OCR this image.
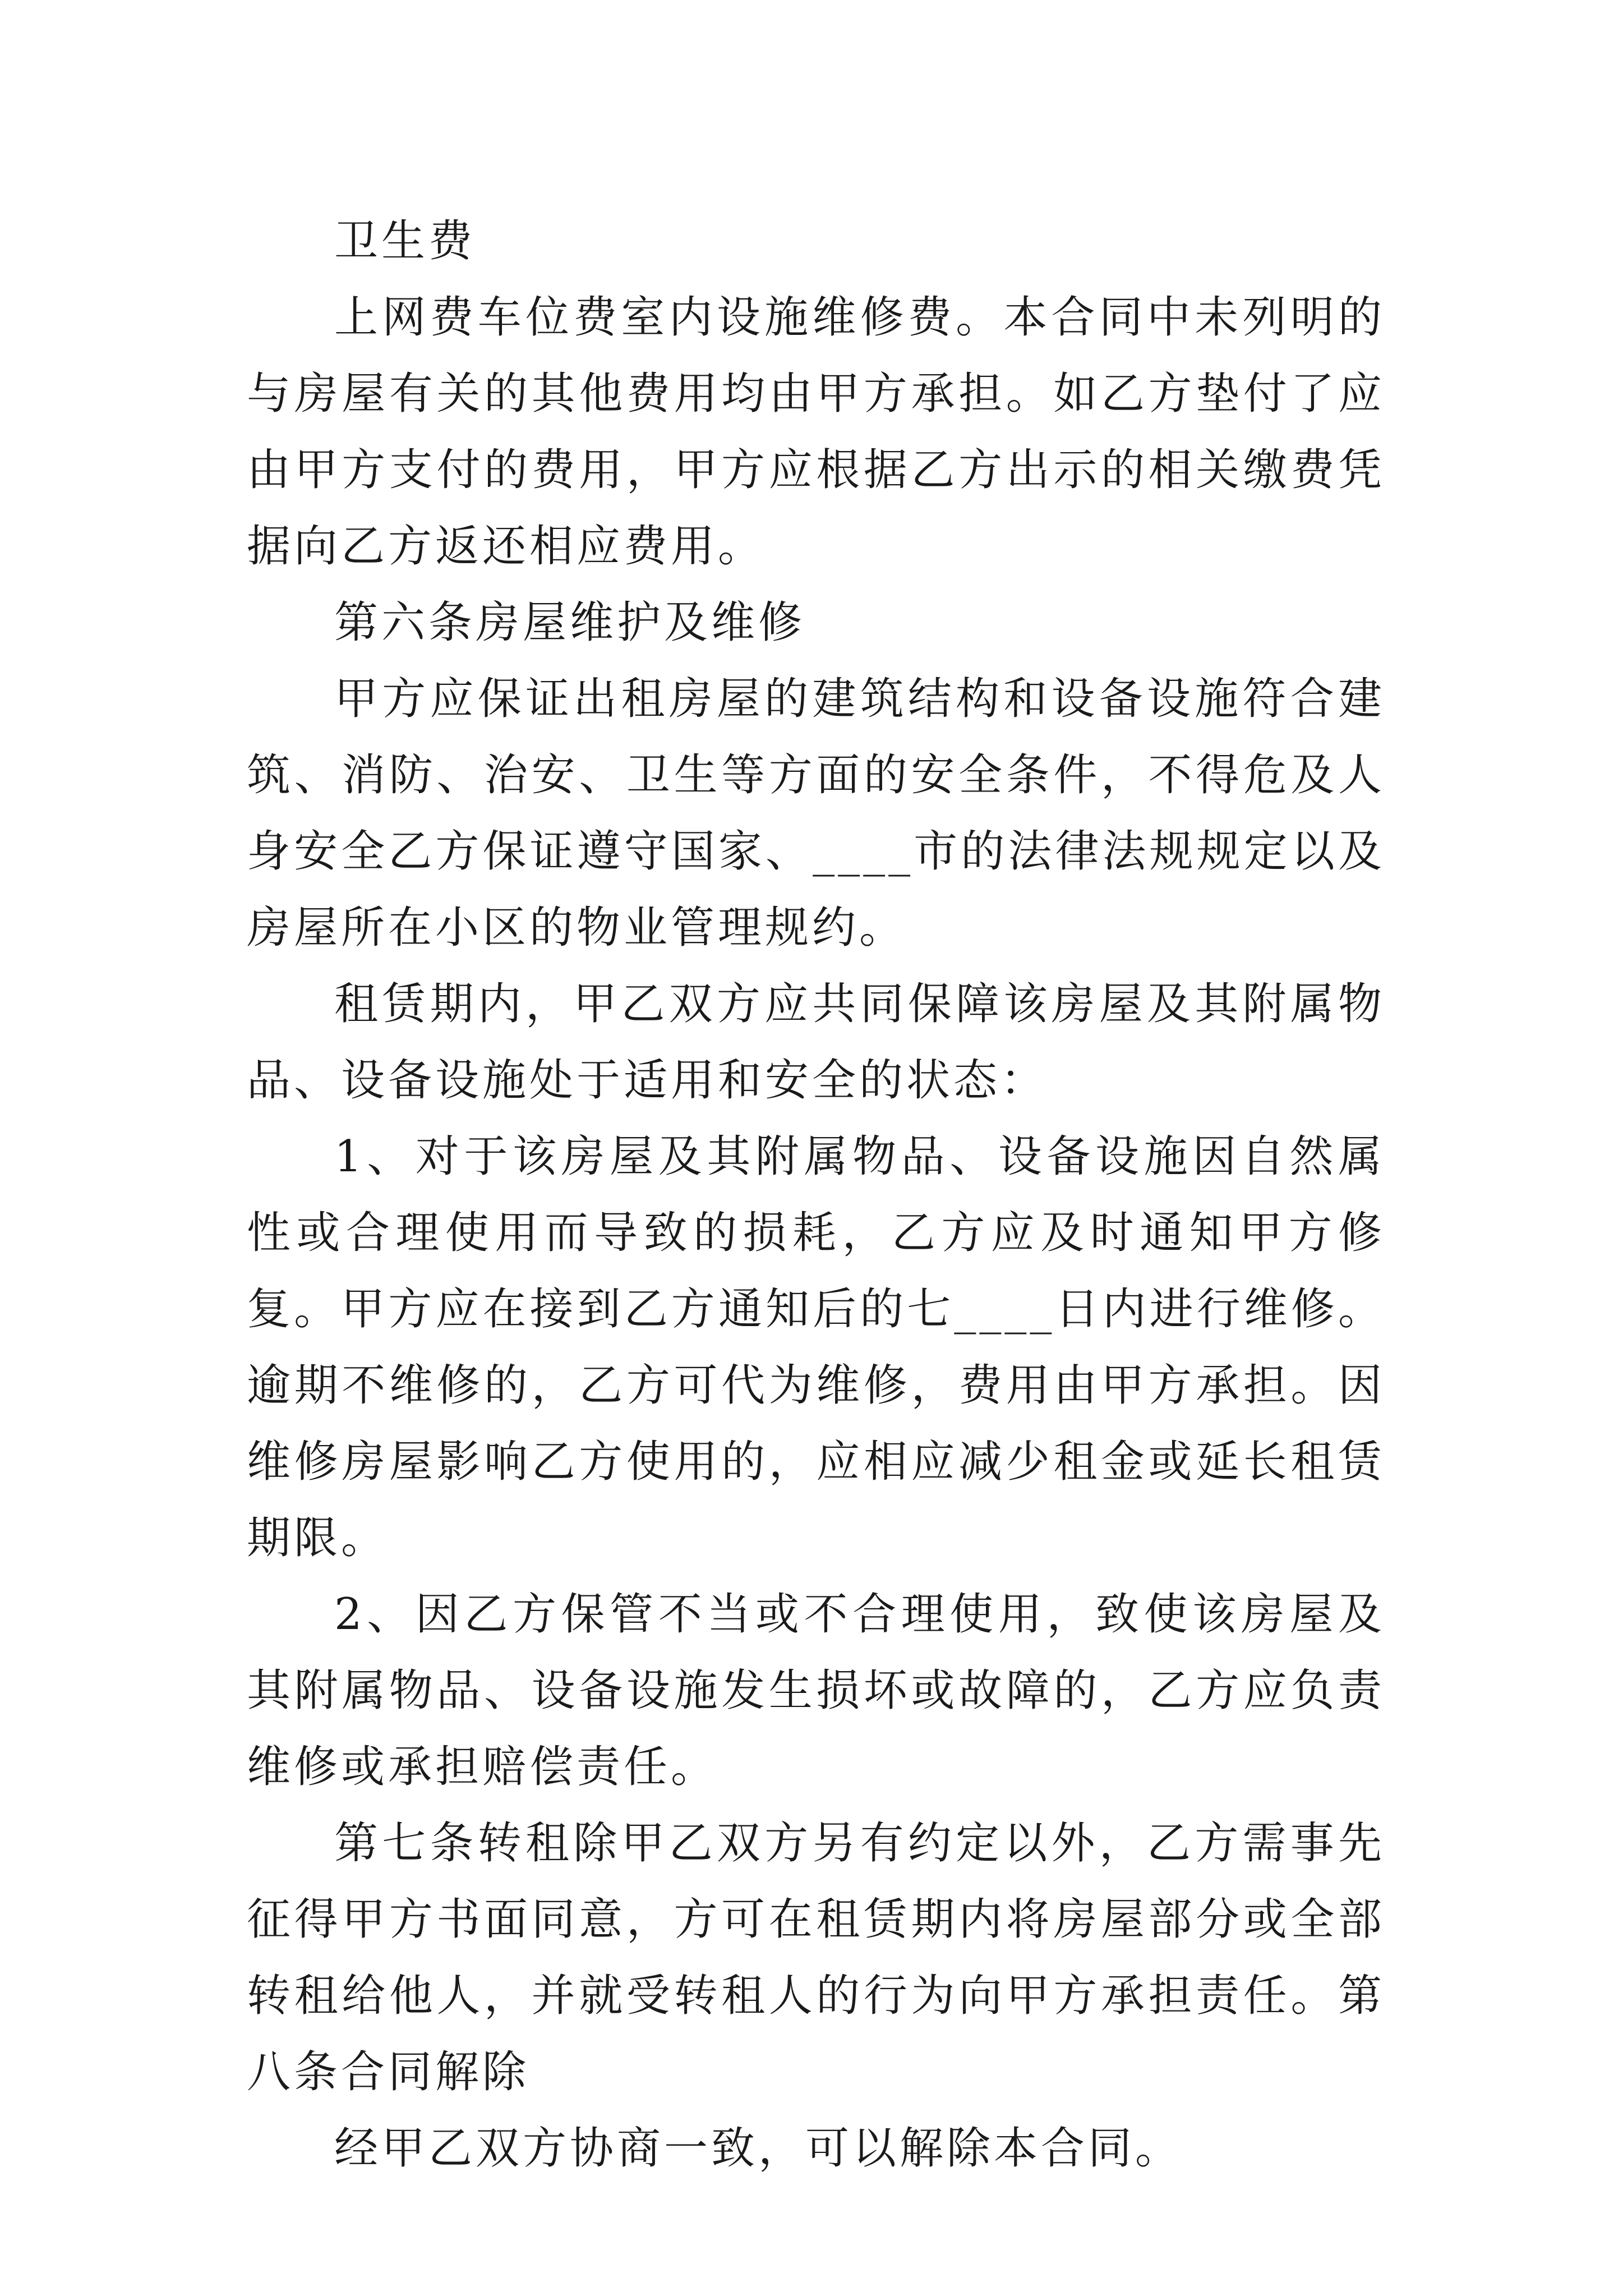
卫生费

上网费车位费室内设施维修费。本合同中未列明的与房屋有关的其他费用均由甲方承担。如乙方垫付了应由甲方支付的费用，甲方应根据乙方出示的相关缴费凭据向乙方返还相应费用。

第六条房屋维护及维修

甲方应保证出租房屋的建筑结构和设备设施符合建筑、消防、治安、卫生等方面的安全条件，不得危及人身安全乙方保证遵守国家、____市的法律法规规定以及房屋所在小区的物业管理规约。

租赁期内，甲乙双方应共同保障该房屋及其附属物品、设备设施处于适用和安全的状态：

1、对于该房屋及其附属物品、设备设施因自然属性或合理使用而导致的损耗，乙方应及时通知甲方修复。甲方应在接到乙方通知后的七____日内进行维修。逾期不维修的，乙方可代为维修，费用由甲方承担。因维修房屋影响乙方使用的，应相应减少租金或延长租赁期限。

2、因乙方保管不当或不合理使用，致使该房屋及其附属物品、设备设施发生损坏或故障的，乙方应负责维修或承担赔偿责任。

第七条转租除甲乙双方另有约定以外，乙方需事先征得甲方书面同意，方可在租赁期内将房屋部分或全部转租给他人，并就受转租人的行为向甲方承担责任。第八条合同解除

经甲乙双方协商一致，可以解除本合同。
